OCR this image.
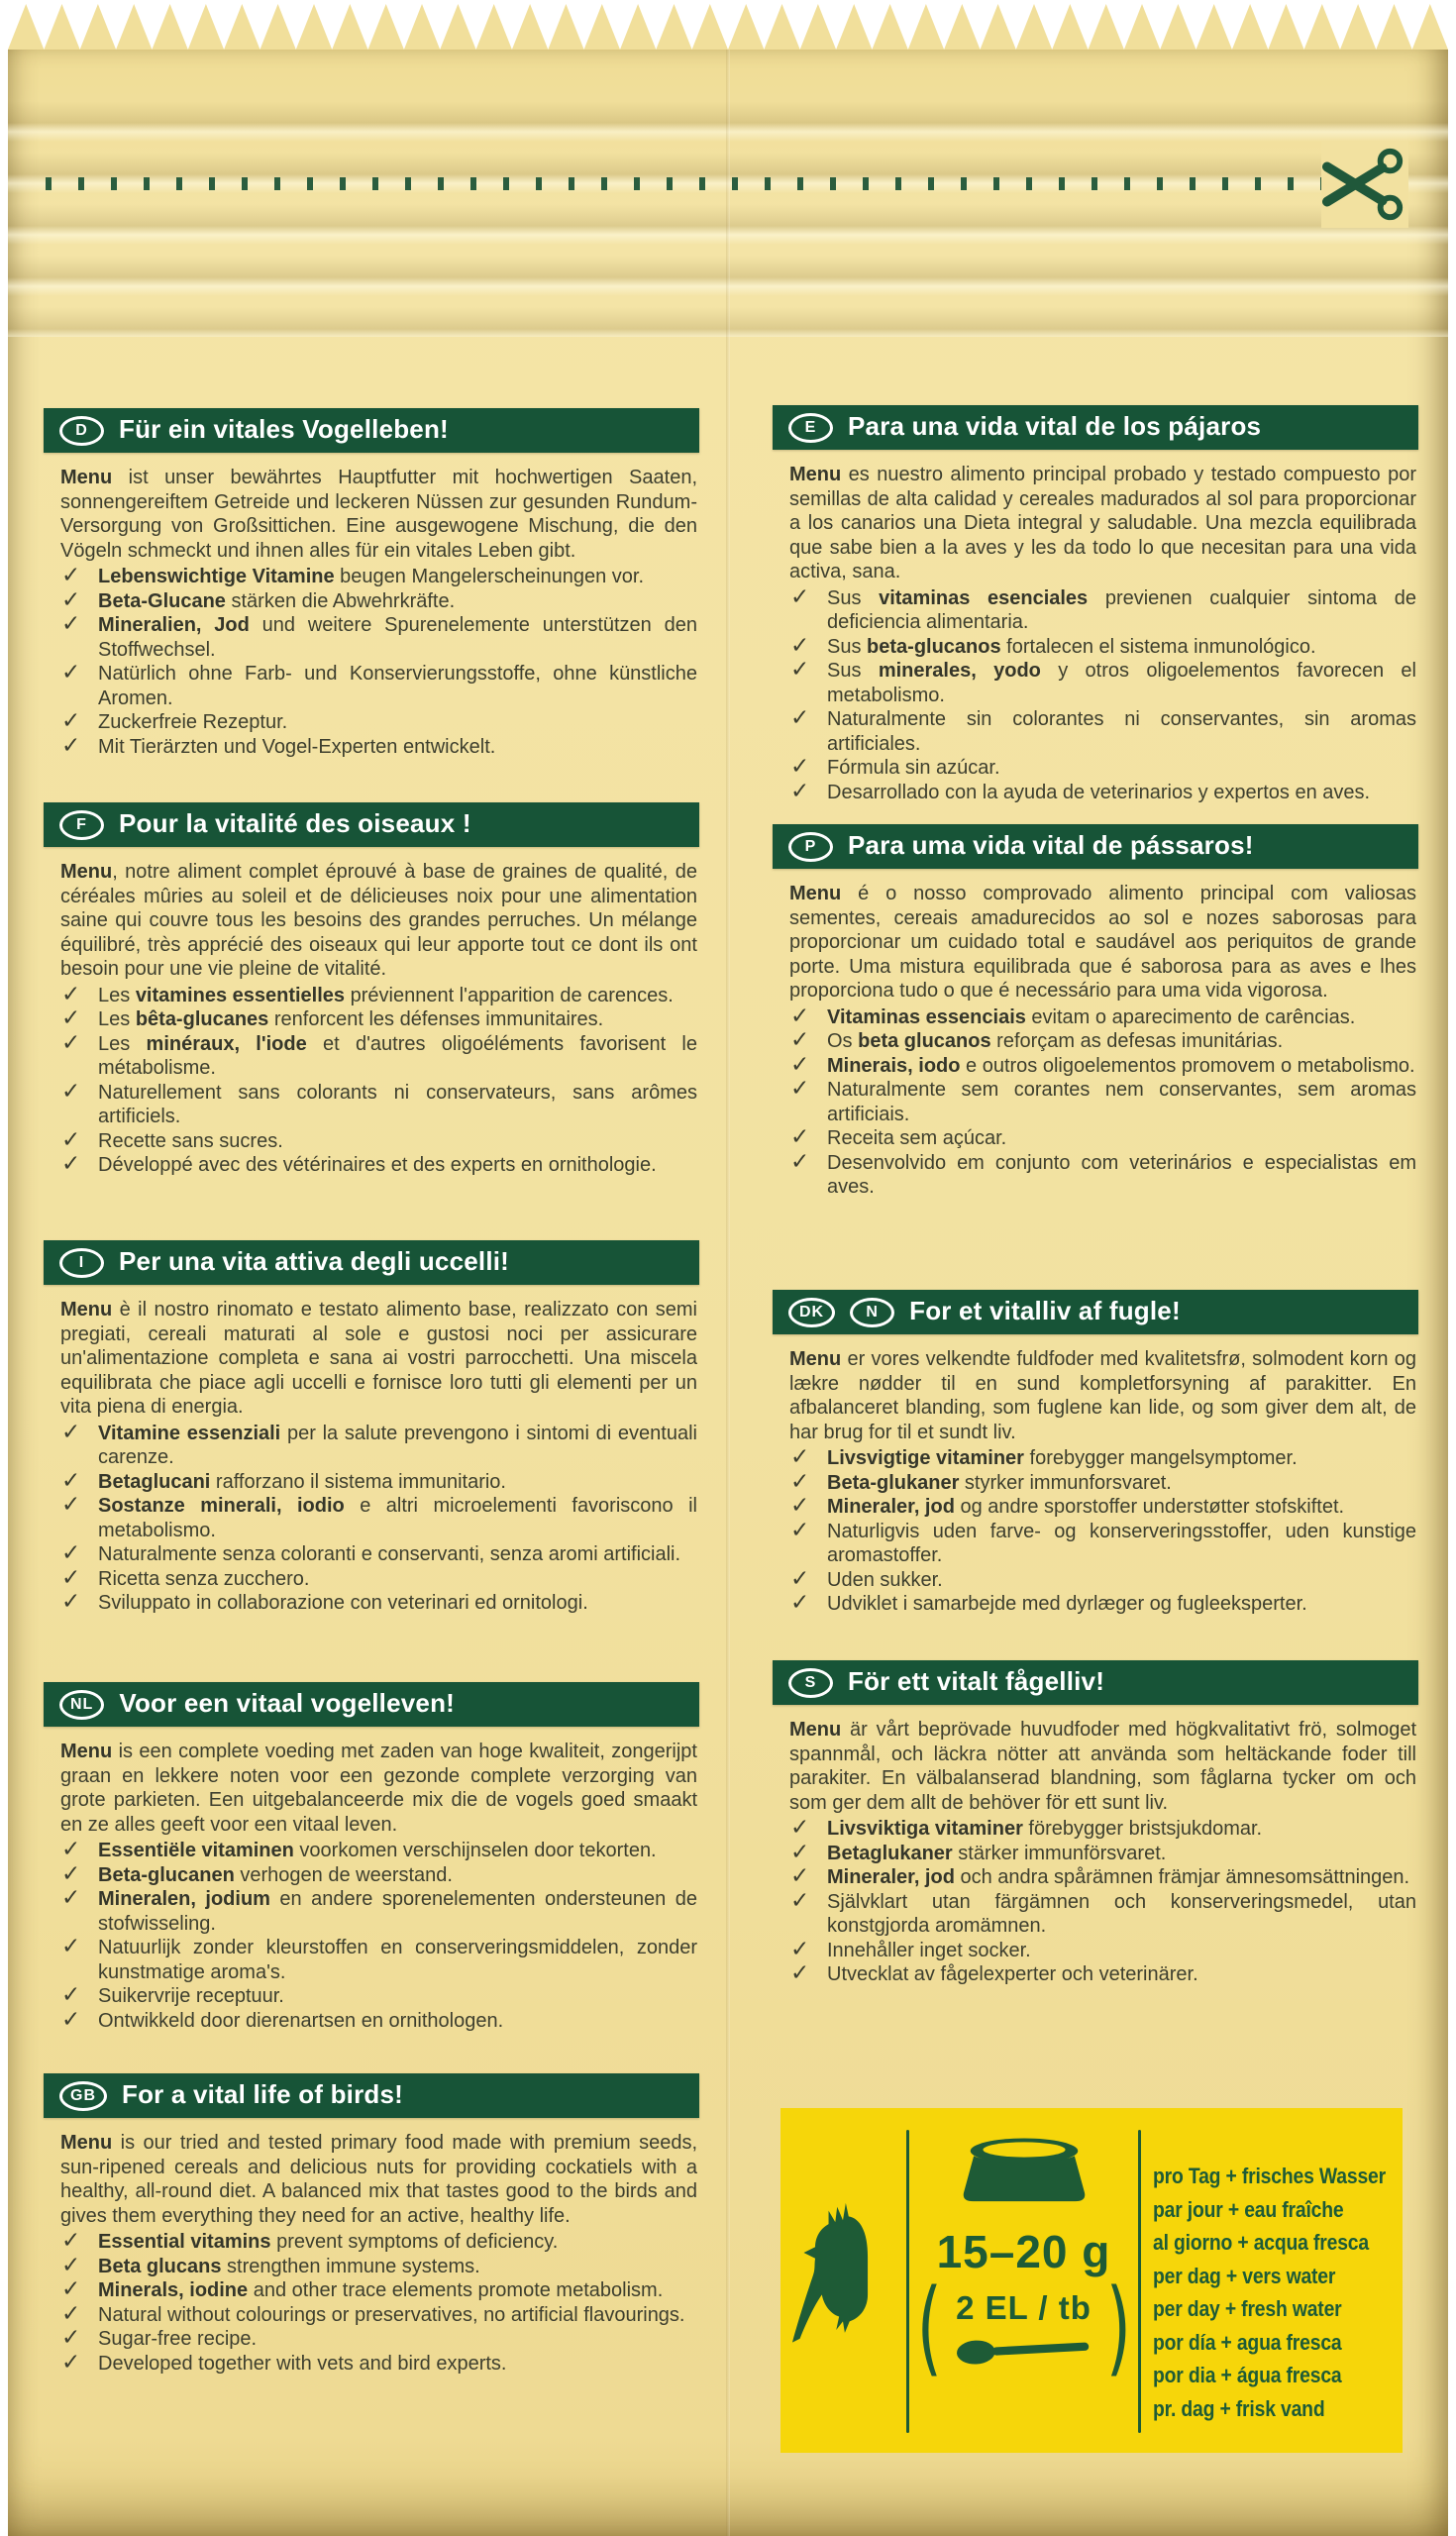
15–20 g
( 2 EL / tb )
pro Tag + frisches Wasser
par jour + eau fraîche
al giorno + acqua fresca
per dag + vers water
per day + fresh water
por día + agua fresca
por dia + água fresca
pr. dag + frisk vand
D	Für ein vitales Vogelleben!

Menu ist unser bewährtes Hauptfutter mit hochwertigen Saaten, sonnengereiftem Getreide und leckeren Nüssen zur gesunden Rundum-Versorgung von Großsittichen. Eine ausgewogene Mischung, die den Vögeln schmeckt und ihnen alles für ein vitales Leben gibt.

✓ Lebenswichtige Vitamine beugen Mangelerscheinungen vor.
✓ Beta-Glucane stärken die Abwehrkräfte.
✓ Mineralien, Jod und weitere Spurenelemente unterstützen den Stoffwechsel.
✓ Natürlich ohne Farb- und Konservierungsstoffe, ohne künstliche Aromen.
✓ Zuckerfreie Rezeptur.
✓ Mit Tierärzten und Vogel-Experten entwickelt.
F	Pour la vitalité des oiseaux !

Menu, notre aliment complet éprouvé à base de graines de qualité, de céréales mûries au soleil et de délicieuses noix pour une alimentation saine qui couvre tous les besoins des grandes perruches. Un mélange équilibré, très apprécié des oiseaux qui leur apporte tout ce dont ils ont besoin pour une vie pleine de vitalité.

✓ Les vitamines essentielles préviennent l'apparition de carences.
✓ Les bêta-glucanes renforcent les défenses immunitaires.
✓ Les minéraux, l'iode et d'autres oligoéléments favorisent le métabolisme.
✓ Naturellement sans colorants ni conservateurs, sans arômes artificiels.
✓ Recette sans sucres.
✓ Développé avec des vétérinaires et des experts en ornithologie.
I	Per una vita attiva degli uccelli!

Menu è il nostro rinomato e testato alimento base, realizzato con semi pregiati, cereali maturati al sole e gustosi noci per assicurare un'alimentazione completa e sana ai vostri parrocchetti. Una miscela equilibrata che piace agli uccelli e fornisce loro tutti gli elementi per un vita piena di energia.

✓ Vitamine essenziali per la salute prevengono i sintomi di eventuali carenze.
✓ Betaglucani rafforzano il sistema immunitario.
✓ Sostanze minerali, iodio e altri microelementi favoriscono il metabolismo.
✓ Naturalmente senza coloranti e conservanti, senza aromi artificiali.
✓ Ricetta senza zucchero.
✓ Sviluppato in collaborazione con veterinari ed ornitologi.
NL	Voor een vitaal vogelleven!

Menu is een complete voeding met zaden van hoge kwaliteit, zongerijpt graan en lekkere noten voor een gezonde complete verzorging van grote parkieten. Een uitgebalanceerde mix die de vogels goed smaakt en ze alles geeft voor een vitaal leven.

✓ Essentiële vitaminen voorkomen verschijnselen door tekorten.
✓ Beta-glucanen verhogen de weerstand.
✓ Mineralen, jodium en andere sporenelementen ondersteunen de stofwisseling.
✓ Natuurlijk zonder kleurstoffen en conserveringsmiddelen, zonder kunstmatige aroma's.
✓ Suikervrije receptuur.
✓ Ontwikkeld door dierenartsen en ornithologen.
GB	For a vital life of birds!

Menu is our tried and tested primary food made with premium seeds, sun-ripened cereals and delicious nuts for providing cockatiels with a healthy, all-round diet. A balanced mix that tastes good to the birds and gives them everything they need for an active, healthy life.

✓ Essential vitamins prevent symptoms of deficiency.
✓ Beta glucans strengthen immune systems.
✓ Minerals, iodine and other trace elements promote metabolism.
✓ Natural without colourings or preservatives, no artificial flavourings.
✓ Sugar-free recipe.
✓ Developed together with vets and bird experts.
E	Para una vida vital de los pájaros

Menu es nuestro alimento principal probado y testado compuesto por semillas de alta calidad y cereales madurados al sol para proporcionar a los canarios una Dieta integral y saludable. Una mezcla equilibrada que sabe bien a la aves y les da todo lo que necesitan para una vida activa, sana.

✓ Sus vitaminas esenciales previenen cualquier sintoma de deficiencia alimentaria.
✓ Sus beta-glucanos fortalecen el sistema inmunológico.
✓ Sus minerales, yodo y otros oligoelementos favorecen el metabolismo.
✓ Naturalmente sin colorantes ni conservantes, sin aromas artificiales.
✓ Fórmula sin azúcar.
✓ Desarrollado con la ayuda de veterinarios y expertos en aves.
P	Para uma vida vital de pássaros!

Menu é o nosso comprovado alimento principal com valiosas sementes, cereais amadurecidos ao sol e nozes saborosas para proporcionar um cuidado total e saudável aos periquitos de grande porte. Uma mistura equilibrada que é saborosa para as aves e lhes proporciona tudo o que é necessário para uma vida vigorosa.

✓ Vitaminas essenciais evitam o aparecimento de carências.
✓ Os beta glucanos reforçam as defesas imunitárias.
✓ Minerais, iodo e outros oligoelementos promovem o metabolismo.
✓ Naturalmente sem corantes nem conservantes, sem aromas artificiais.
✓ Receita sem açúcar.
✓ Desenvolvido em conjunto com veterinários e especialistas em aves.
DK	N	For et vitalliv af fugle!

Menu er vores velkendte fuldfoder med kvalitetsfrø, solmodent korn og lækre nødder til en sund kompletforsyning af parakitter. En afbalanceret blanding, som fuglene kan lide, og som giver dem alt, de har brug for til et sundt liv.

✓ Livsvigtige vitaminer forebygger mangelsymptomer.
✓ Beta-glukaner styrker immunforsvaret.
✓ Mineraler, jod og andre sporstoffer understøtter stofskiftet.
✓ Naturligvis uden farve- og konserveringsstoffer, uden kunstige aromastoffer.
✓ Uden sukker.
✓ Udviklet i samarbejde med dyrlæger og fugleeksperter.
S	För ett vitalt fågelliv!

Menu är vårt beprövade huvudfoder med högkvalitativt frö, solmoget spannmål, och läckra nötter att använda som heltäckande foder till parakiter. En välbalanserad blandning, som fåglarna tycker om och som ger dem allt de behöver för ett sunt liv.

✓ Livsviktiga vitaminer förebygger bristsjukdomar.
✓ Betaglukaner stärker immunförsvaret.
✓ Mineraler, jod och andra spårämnen främjar ämnesomsättningen.
✓ Självklart utan färgämnen och konserveringsmedel, utan konstgjorda aromämnen.
✓ Innehåller inget socker.
✓ Utvecklat av fågelexperter och veterinärer.
